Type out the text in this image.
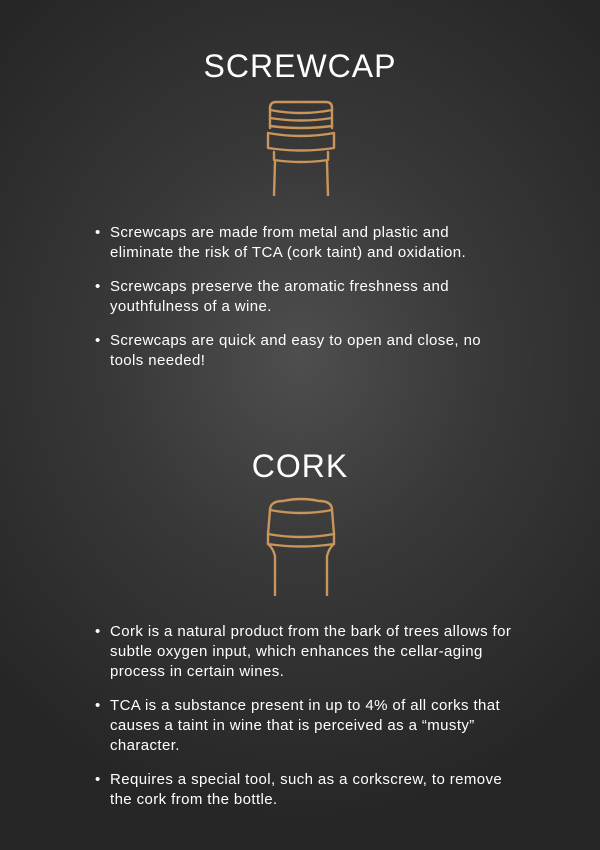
SCREWCAP
• Screwcaps are made from metal and plastic and eliminate the risk of TCA (cork taint) and oxidation.
• Screwcaps preserve the aromatic freshness and youthfulness of a wine.
• Screwcaps are quick and easy to open and close, no tools needed!
CORK
• Cork is a natural product from the bark of trees allows for subtle oxygen input, which enhances the cellar-aging process in certain wines.
• TCA is a substance present in up to 4% of all corks that causes a taint in wine that is perceived as a “musty” character.
• Requires a special tool, such as a corkscrew, to remove the cork from the bottle.
